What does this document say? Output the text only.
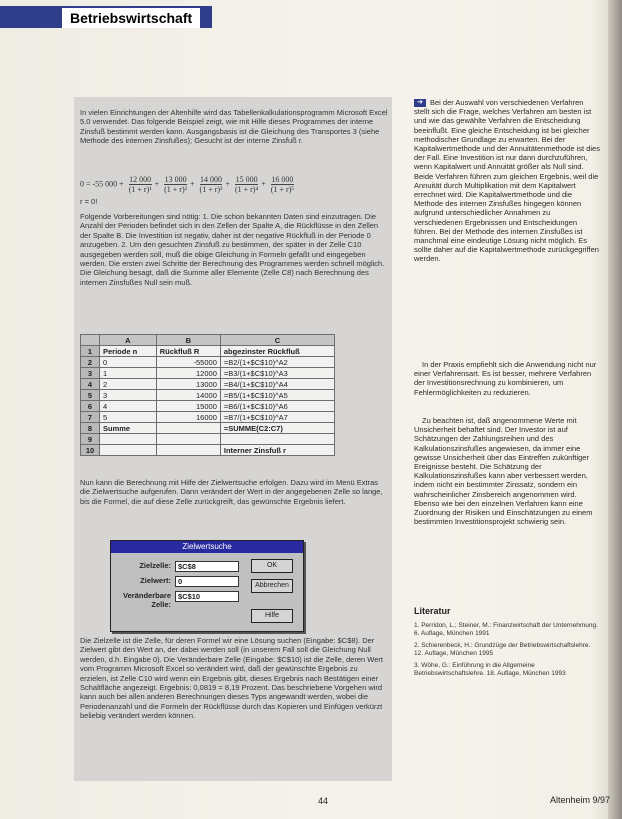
Betriebswirtschaft
In vielen Einrichtungen der Altenhilfe wird das Tabellenkalkulationsprogramm Microsoft Excel 5.0 verwendet. Das folgende Beispiel zeigt, wie mit Hilfe dieses Programmes der interne Zinsfuß bestimmt werden kann. Ausgangsbasis ist die Gleichung des Transportes 3 (siehe Methode des internen Zinsfußes); Gesucht ist der interne Zinsfuß r.
0 = -55 $000 + \frac{12 000}{\text{(1 + r)¹}} + \frac{13 000}{\text{(1 + r)²}} + \frac{14 000}{\text{(1 + r)³}} + \frac{15 000}{\text{(1 + r)⁴}} + \frac{16 000}{\text{(1 + r)⁵}}$
r = 0!
Folgende Vorbereitungen sind nötig: 1. Die schon bekannten Daten sind einzutragen. Die Anzahl der Perioden befindet sich in den Zellen der Spalte A, die Rückflüsse in den Zellen der Spalte B. Die Investition ist negativ, daher ist der negative Rückfluß in der Periode 0 anzugeben. 2. Um den gesuchten Zinsfuß zu bestimmen, der später in der Zelle C10 ausgegeben werden soll, muß die obige Gleichung in Formeln gefaßt und eingegeben werden. Die ersten zwei Schritte der Berechnung des Programmes werden schnell möglich. Die Gleichung besagt, daß die Summe aller Elemente (Zelle C8) nach Berechnung des internen Zinsfußes Null sein muß.
	A	B	C
1	Periode n	Rückfluß R	abgezinster Rückfluß
2	0	-55000	=B2/(1+$C$10)^A2
3	1	12000	=B3/(1+$C$10)^A3
4	2	13000	=B4/(1+$C$10)^A4
5	3	14000	=B5/(1+$C$10)^A5
6	4	15000	=B6/(1+$C$10)^A6
7	5	16000	=B7/(1+$C$10)^A7
8	Summe		=SUMME(C2:C7)
9			
10			Interner Zinsfuß r
Nun kann die Berechnung mit Hilfe der Zielwertsuche erfolgen. Dazu wird im Menü Extras die Zielwertsuche aufgerufen. Dann verändert der Wert in der angegebenen Zelle so lange, bis die Formel, die auf diese Zelle zurückgreift, das gewünschte Ergebnis liefert.
Zielwertsuche
Zielzelle: $C$8
Zielwert: 0
Veränderbare Zelle:
$C$10
OK
Abbrechen
Hilfe
Die Zielzelle ist die Zelle, für deren Formel wir eine Lösung suchen (Eingabe: $C$8). Der Zielwert gibt den Wert an, der dabei werden soll (in unserem Fall soll die Gleichung Null werden, d.h. Eingabe 0). Die Veränderbare Zelle (Eingabe: $C$10) ist die Zelle, deren Wert vom Programm Microsoft Excel so verändert wird, daß der gewünschte Ergebnis zu erzielen, ist Zelle C10 wird wenn ein Ergebnis gibt, dieses Ergebnis nach Bestätigen einer Schaltfläche angezeigt. Ergebnis: 0,0819 = 8,19 Prozent. Das beschriebene Vorgehen wird kann auch bei allen anderen Berechnungen dieses Typs angewandt werden, wobei die Periodenanzahl und die Formeln der Rückflüsse durch das Kopieren und Einfügen verkürzt beliebig verändert werden können.
➔ Bei der Auswahl von verschiedenen Verfahren stellt sich die Frage, welches Verfahren am besten ist und wie das gewählte Verfahren die Entscheidung beeinflußt. Eine gleiche Entscheidung ist bei gleicher methodischer Grundlage zu erwarten. Bei der Kapitalwertmethode und der Annuitätenmethode ist dies der Fall. Eine Investition ist nur dann durchzuführen, wenn Kapitalwert und Annuität größer als Null sind. Beide Verfahren führen zum gleichen Ergebnis, weil die Annuität durch Multiplikation mit dem Kapitalwert errechnet wird. Die Kapitalwertmethode und die Methode des internen Zinsfußes hingegen können aufgrund unterschiedlicher Annahmen zu verschiedenen Ergebnissen und Entscheidungen führen. Bei der Methode des internen Zinsfußes ist manchmal eine eindeutige Lösung nicht möglich. Es sollte daher auf die Kapitalwertmethode zurückgegriffen werden.
In der Praxis empfiehlt sich die Anwendung nicht nur einer Verfahrensart. Es ist besser, mehrere Verfahren der Investitionsrechnung zu kombinieren, um Fehlermöglichkeiten zu reduzieren.
Zu beachten ist, daß angenommene Werte mit Unsicherheit behaftet sind. Der Investor ist auf Schätzungen der Zahlungsreihen und des Kalkulationszinsfußes angewiesen, da immer eine gewisse Unsicherheit über das Eintreffen zukünftiger Ereignisse besteht. Die Schätzung der Kalkulationszinsfußes kann aber verbessert werden, indem nicht ein bestimmter Zinssatz, sondern ein wahrscheinlicher Zinsbereich angenommen wird. Ebenso wie bei den einzelnen Verfahren kann eine Zuordnung der Risiken und Einschätzungen zu einem bestimmten Investitionsprojekt schwierig sein.
Literatur
1. Perridon, L.; Steiner, M.: Finanzwirtschaft der Unternehmung. 6. Auflage, München 1991
2. Schierenbeck, H.: Grundzüge der Betriebswirtschaftslehre. 12. Auflage, München 1995
3. Wöhe, G.: Einführung in die Allgemeine Betriebswirtschaftslehre. 18. Auflage, München 1993
44	Altenheim 9/97
